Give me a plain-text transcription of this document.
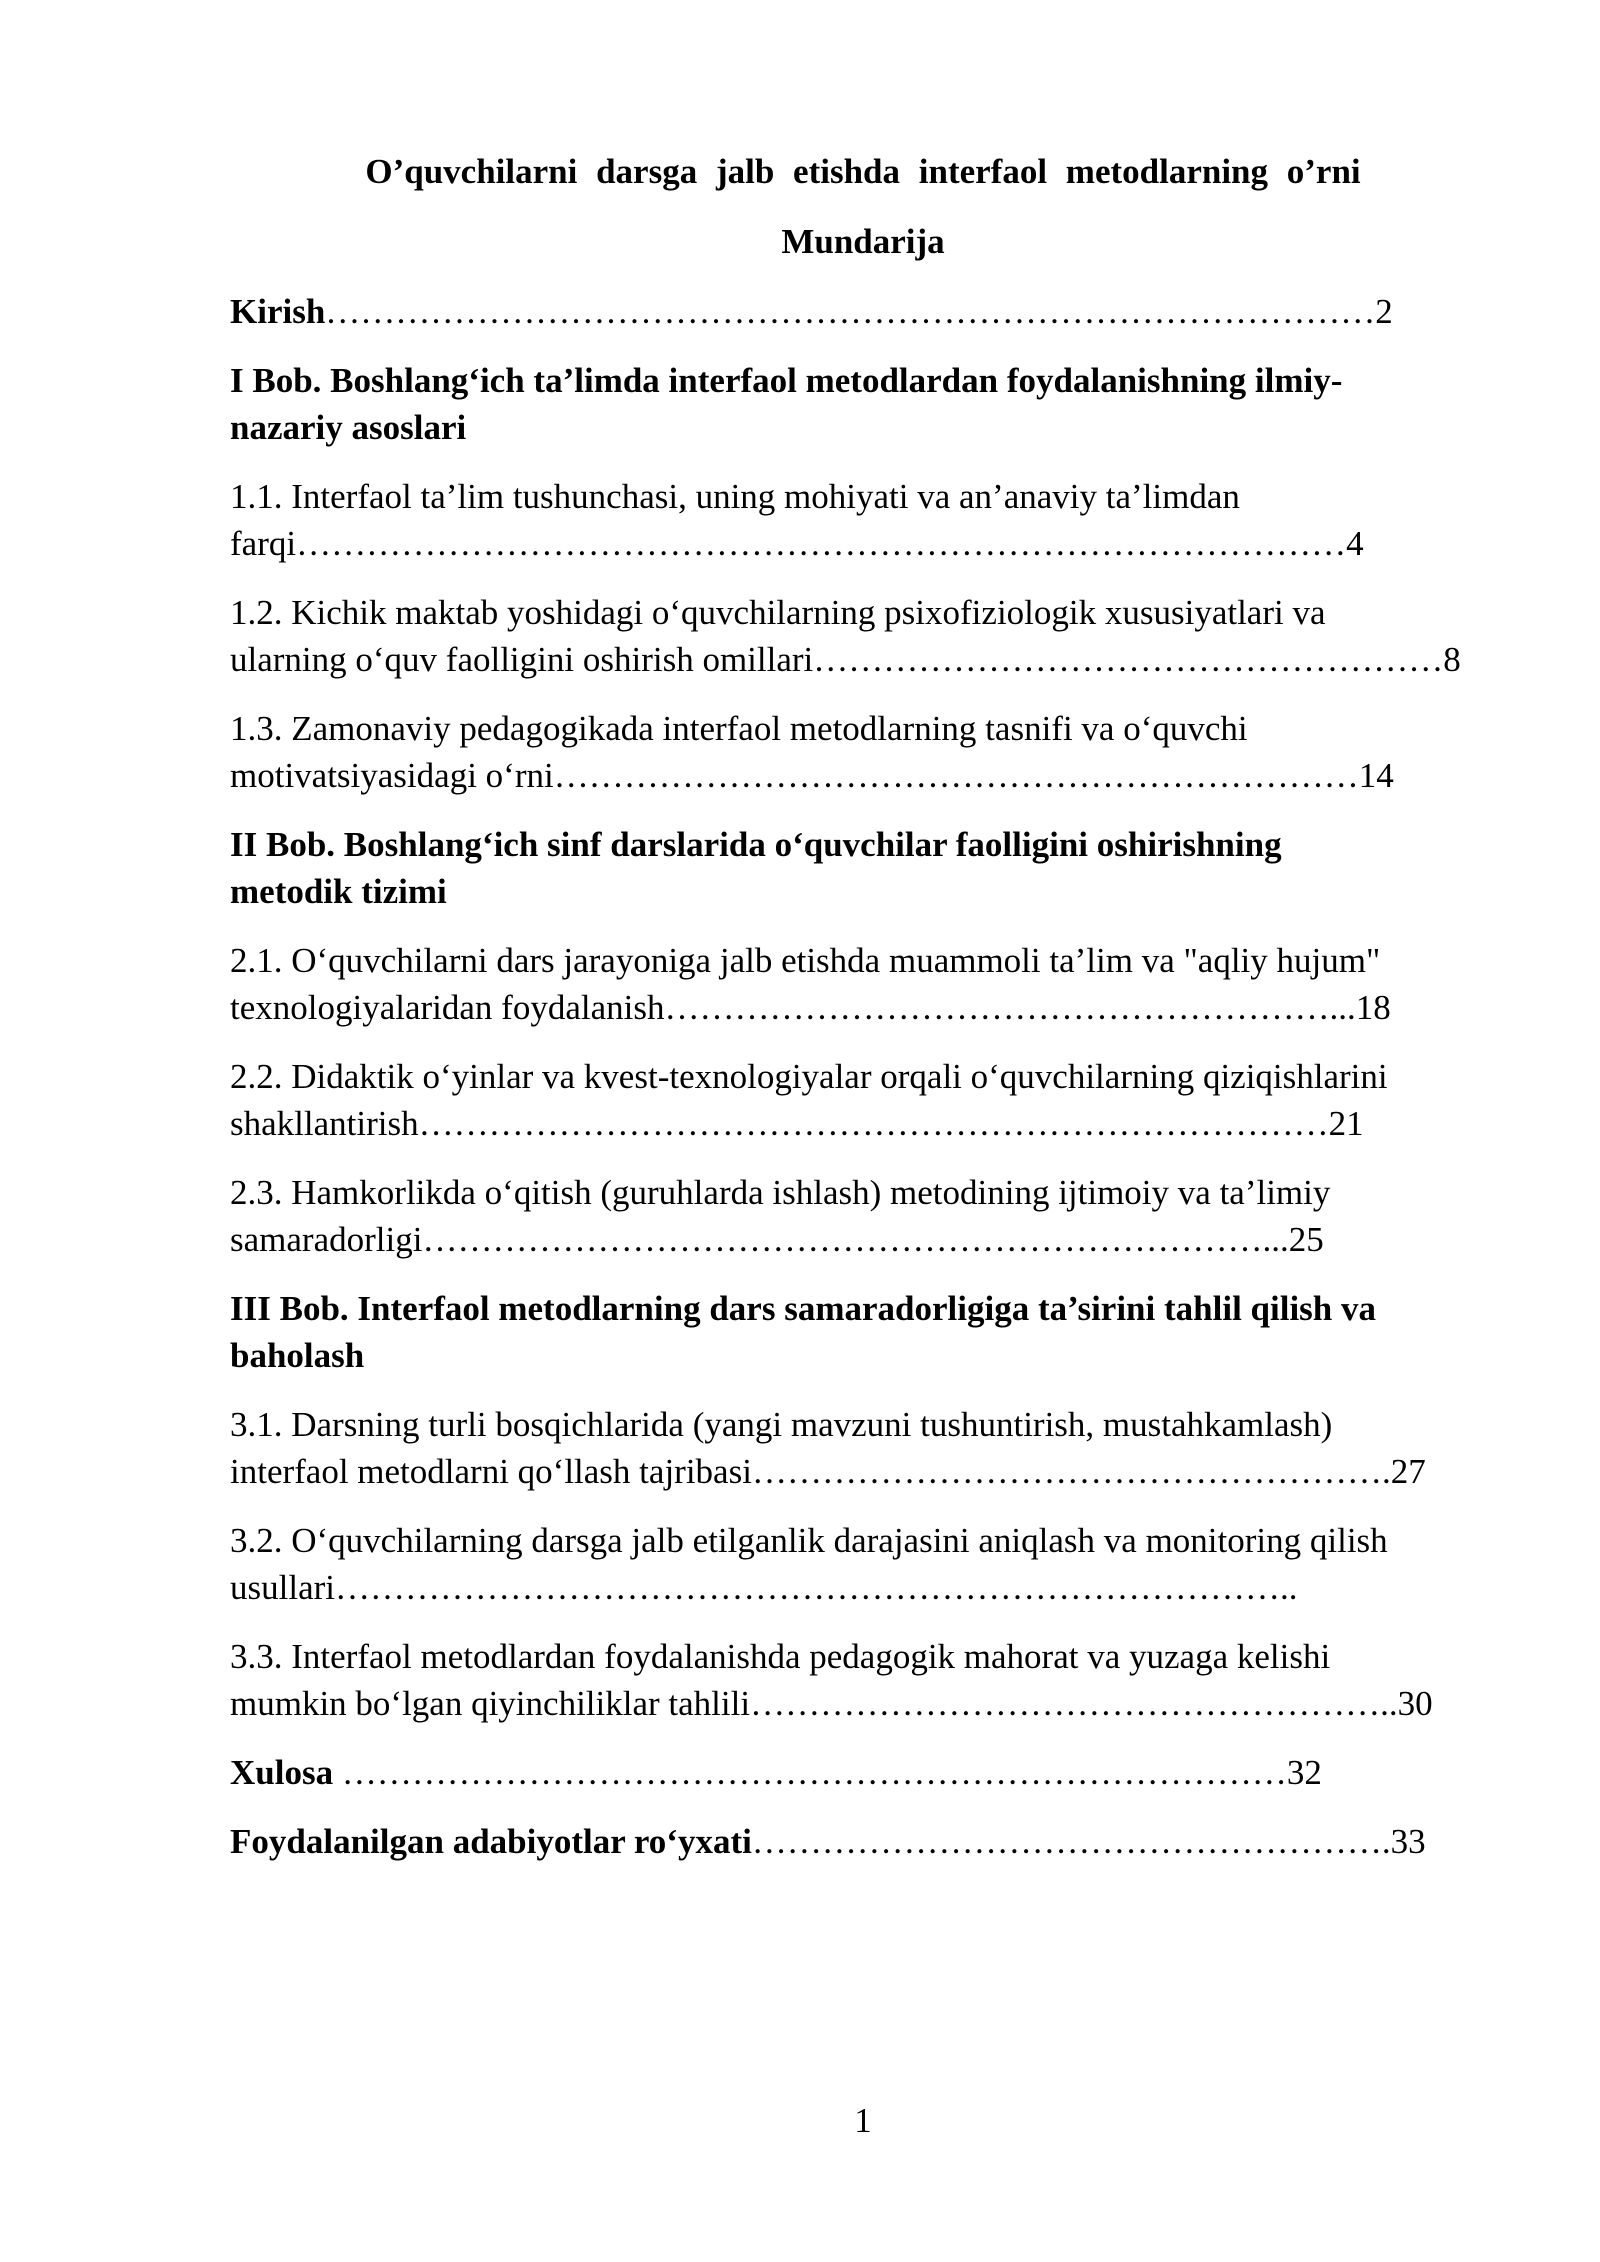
O’quvchilarni darsga jalb etishda interfaol metodlarning o’rni
Mundarija
Kirish………………………………………………………………………………2
I Bob. Boshlang‘ich ta’limda interfaol metodlardan foydalanishning ilmiy-
nazariy asoslari
1.1. Interfaol ta’lim tushunchasi, uning mohiyati va an’anaviy ta’limdan
farqi………………………………………………………………………………4
1.2. Kichik maktab yoshidagi o‘quvchilarning psixofiziologik xususiyatlari va
ularning o‘quv faolligini oshirish omillari………………………………………………8
1.3. Zamonaviy pedagogikada interfaol metodlarning tasnifi va o‘quvchi
motivatsiyasidagi o‘rni……………………………………………………………14
II Bob. Boshlang‘ich sinf darslarida o‘quvchilar faolligini oshirishning
metodik tizimi
2.1. O‘quvchilarni dars jarayoniga jalb etishda muammoli ta’lim va "aqliy hujum"
texnologiyalaridan foydalanish…………………………………………………...18
2.2. Didaktik o‘yinlar va kvest-texnologiyalar orqali o‘quvchilarning qiziqishlarini
shakllantirish……………………………………………………………………21
2.3. Hamkorlikda o‘qitish (guruhlarda ishlash) metodining ijtimoiy va ta’limiy
samaradorligi………………………………………………………………...25
III Bob. Interfaol metodlarning dars samaradorligiga ta’sirini tahlil qilish va
baholash
3.1. Darsning turli bosqichlarida (yangi mavzuni tushuntirish, mustahkamlash)
interfaol metodlarni qo‘llash tajribasi……………………………………………….27
3.2. O‘quvchilarning darsga jalb etilganlik darajasini aniqlash va monitoring qilish
usullari………………………………………………………………………..
3.3. Interfaol metodlardan foydalanishda pedagogik mahorat va yuzaga kelishi
mumkin bo‘lgan qiyinchiliklar tahlili………………………………………………..30
Xulosa ………………………………………………………………………32
Foydalanilgan adabiyotlar ro‘yxati……………………………………………….33

1
